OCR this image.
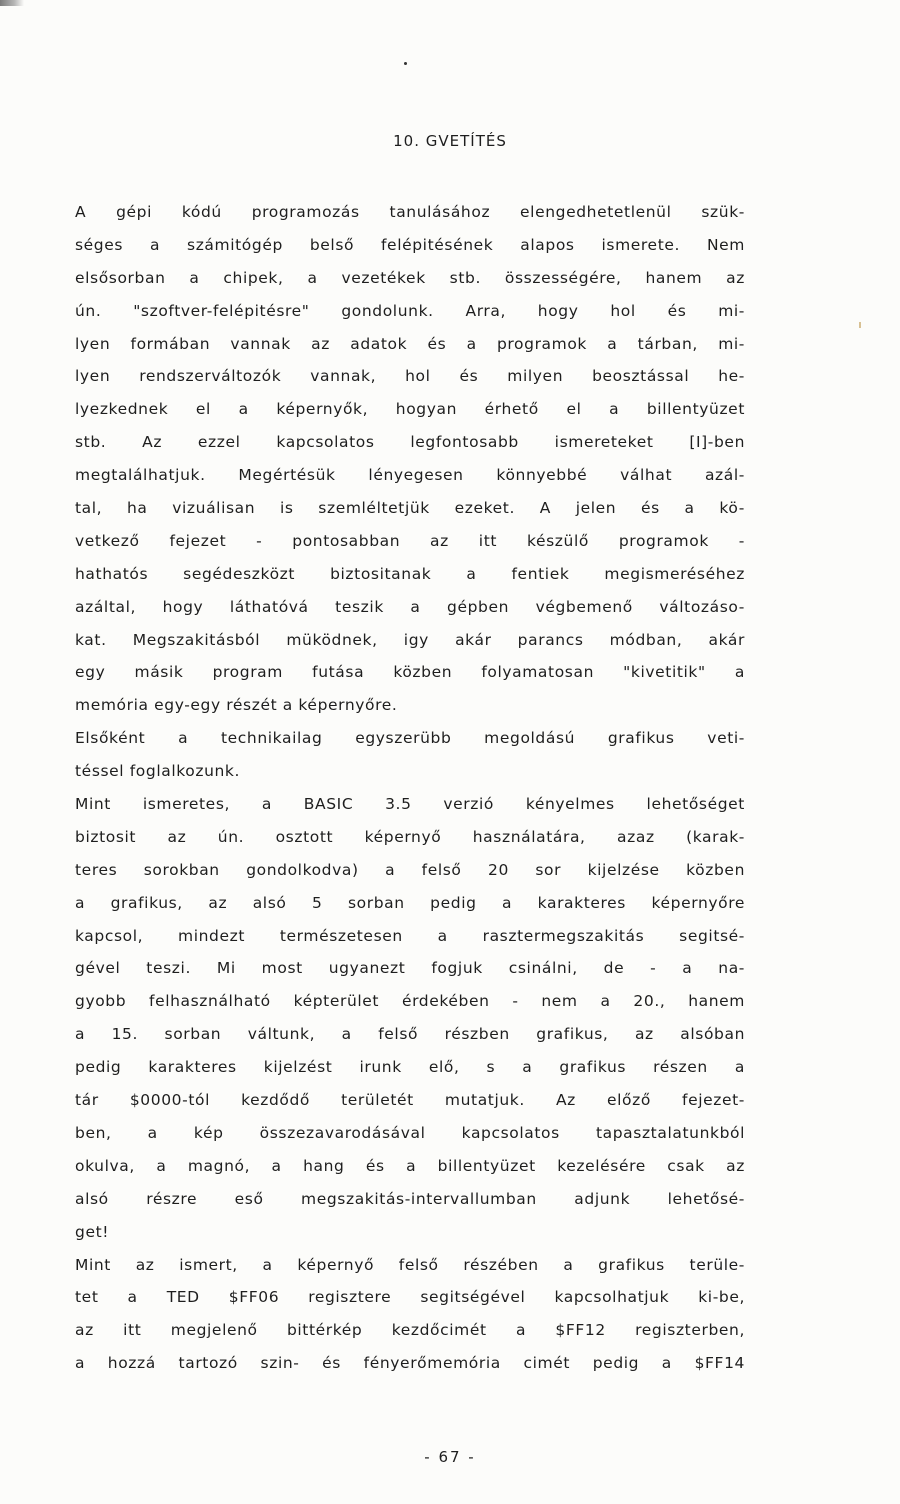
10. GVETÍTÉS
A gépi kódú programozás tanulásához elengedhetetlenül szük-
séges a számitógép belső felépitésének alapos ismerete. Nem
elsősorban a chipek, a vezetékek stb. összességére, hanem az
ún. "szoftver-felépitésre" gondolunk. Arra, hogy hol és mi-
lyen formában vannak az adatok és a programok a tárban, mi-
lyen rendszerváltozók vannak, hol és milyen beosztással he-
lyezkednek el a képernyők, hogyan érhető el a billentyüzet
stb. Az ezzel kapcsolatos legfontosabb ismereteket [I]-ben
megtalálhatjuk. Megértésük lényegesen könnyebbé válhat azál-
tal, ha vizuálisan is szemléltetjük ezeket. A jelen és a kö-
vetkező fejezet - pontosabban az itt készülő programok -
hathatós segédeszközt biztositanak a fentiek megismeréséhez
azáltal, hogy láthatóvá teszik a gépben végbemenő változáso-
kat. Megszakitásból müködnek, igy akár parancs módban, akár
egy másik program futása közben folyamatosan "kivetitik" a
memória egy-egy részét a képernyőre.
Elsőként a technikailag egyszerübb megoldású grafikus veti-
téssel foglalkozunk.
Mint ismeretes, a BASIC 3.5 verzió kényelmes lehetőséget
biztosit az ún. osztott képernyő használatára, azaz (karak-
teres sorokban gondolkodva) a felső 20 sor kijelzése közben
a grafikus, az alsó 5 sorban pedig a karakteres képernyőre
kapcsol, mindezt természetesen a rasztermegszakitás segitsé-
gével teszi. Mi most ugyanezt fogjuk csinálni, de - a na-
gyobb felhasználható képterület érdekében - nem a 20., hanem
a 15. sorban váltunk, a felső részben grafikus, az alsóban
pedig karakteres kijelzést irunk elő, s a grafikus részen a
tár $0000-tól kezdődő területét mutatjuk. Az előző fejezet-
ben, a kép összezavarodásával kapcsolatos tapasztalatunkból
okulva, a magnó, a hang és a billentyüzet kezelésére csak az
alsó részre eső megszakitás-intervallumban adjunk lehetősé-
get!
Mint az ismert, a képernyő felső részében a grafikus terüle-
tet a TED $FF06 regisztere segitségével kapcsolhatjuk ki-be,
az itt megjelenő bittérkép kezdőcimét a $FF12 regiszterben,
a hozzá tartozó szin- és fényerőmemória cimét pedig a $FF14
- 67 -
